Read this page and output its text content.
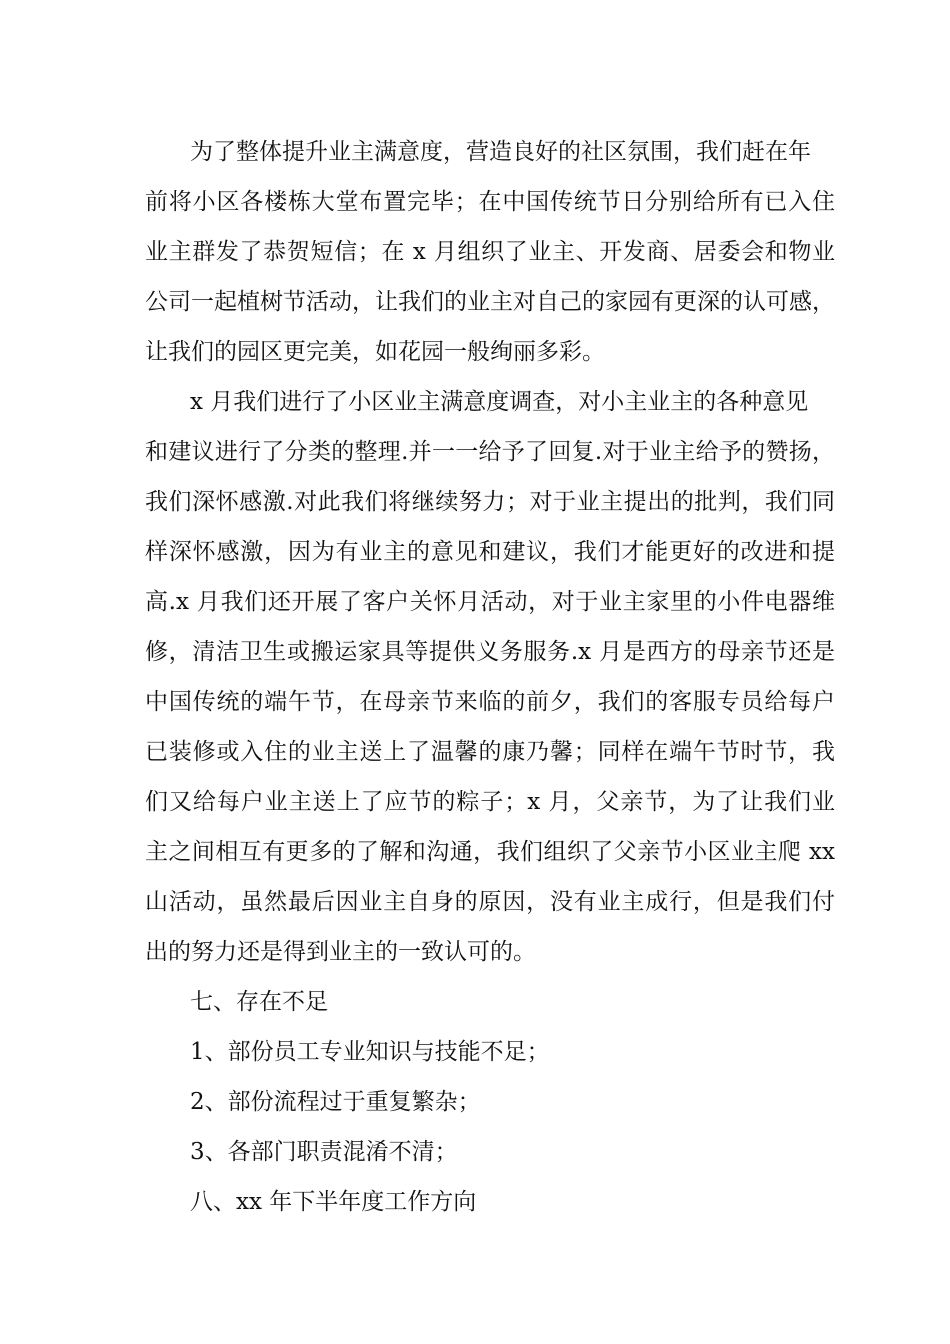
为了整体提升业主满意度，营造良好的社区氛围，我们赶在年
前将小区各楼栋大堂布置完毕；在中国传统节日分别给所有已入住
业主群发了恭贺短信；在 x 月组织了业主、开发商、居委会和物业
公司一起植树节活动，让我们的业主对自己的家园有更深的认可感，
让我们的园区更完美，如花园一般绚丽多彩。
x 月我们进行了小区业主满意度调查，对小主业主的各种意见
和建议进行了分类的整理.并一一给予了回复.对于业主给予的赞扬，
我们深怀感激.对此我们将继续努力；对于业主提出的批判，我们同
样深怀感激，因为有业主的意见和建议，我们才能更好的改进和提
高.x 月我们还开展了客户关怀月活动，对于业主家里的小件电器维
修，清洁卫生或搬运家具等提供义务服务.x 月是西方的母亲节还是
中国传统的端午节，在母亲节来临的前夕，我们的客服专员给每户
已装修或入住的业主送上了温馨的康乃馨；同样在端午节时节，我
们又给每户业主送上了应节的粽子；x 月，父亲节，为了让我们业
主之间相互有更多的了解和沟通，我们组织了父亲节小区业主爬 xx
山活动，虽然最后因业主自身的原因，没有业主成行，但是我们付
出的努力还是得到业主的一致认可的。
七、存在不足
1、部份员工专业知识与技能不足；
2、部份流程过于重复繁杂；
3、各部门职责混淆不清；
八、xx 年下半年度工作方向
